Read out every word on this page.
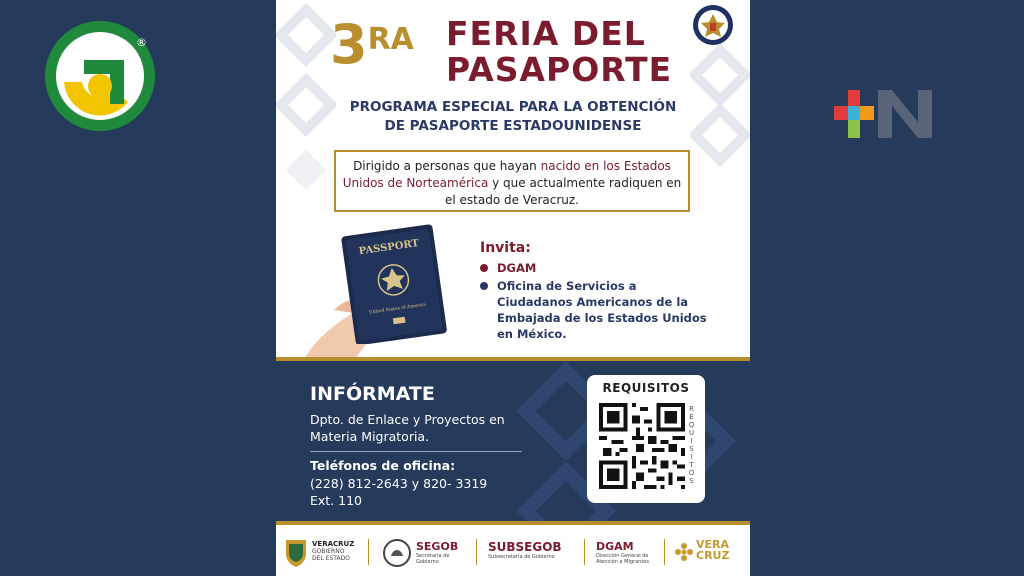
®	3RA FERIA DEL
PASAPORTE
PROGRAMA ESPECIAL PARA LA OBTENCIÓN
DE PASAPORTE ESTADOUNIDENSE
Dirigido a personas que hayan nacido en los Estados Unidos de Norteamérica y que actualmente radiquen en el estado de Veracruz.
PASSPORT
United States of America
Invita:
DGAM
Oficina de Servicios a Ciudadanos Americanos de la Embajada de los Estados Unidos en México.
INFÓRMATE
Dpto. de Enlace y Proyectos en Materia Migratoria.
Teléfonos de oficina:
(228) 812-2643 y 820- 3319
Ext. 110
REQUISITOS
REQUISITOS
VERACRUZ
GOBIERNO DEL ESTADO
SEGOB
Secretaría de Gobierno
SUBSEGOB
Subsecretaría de Gobierno
DGAM
Dirección General de Atención a Migrantes
VERA CRUZ
